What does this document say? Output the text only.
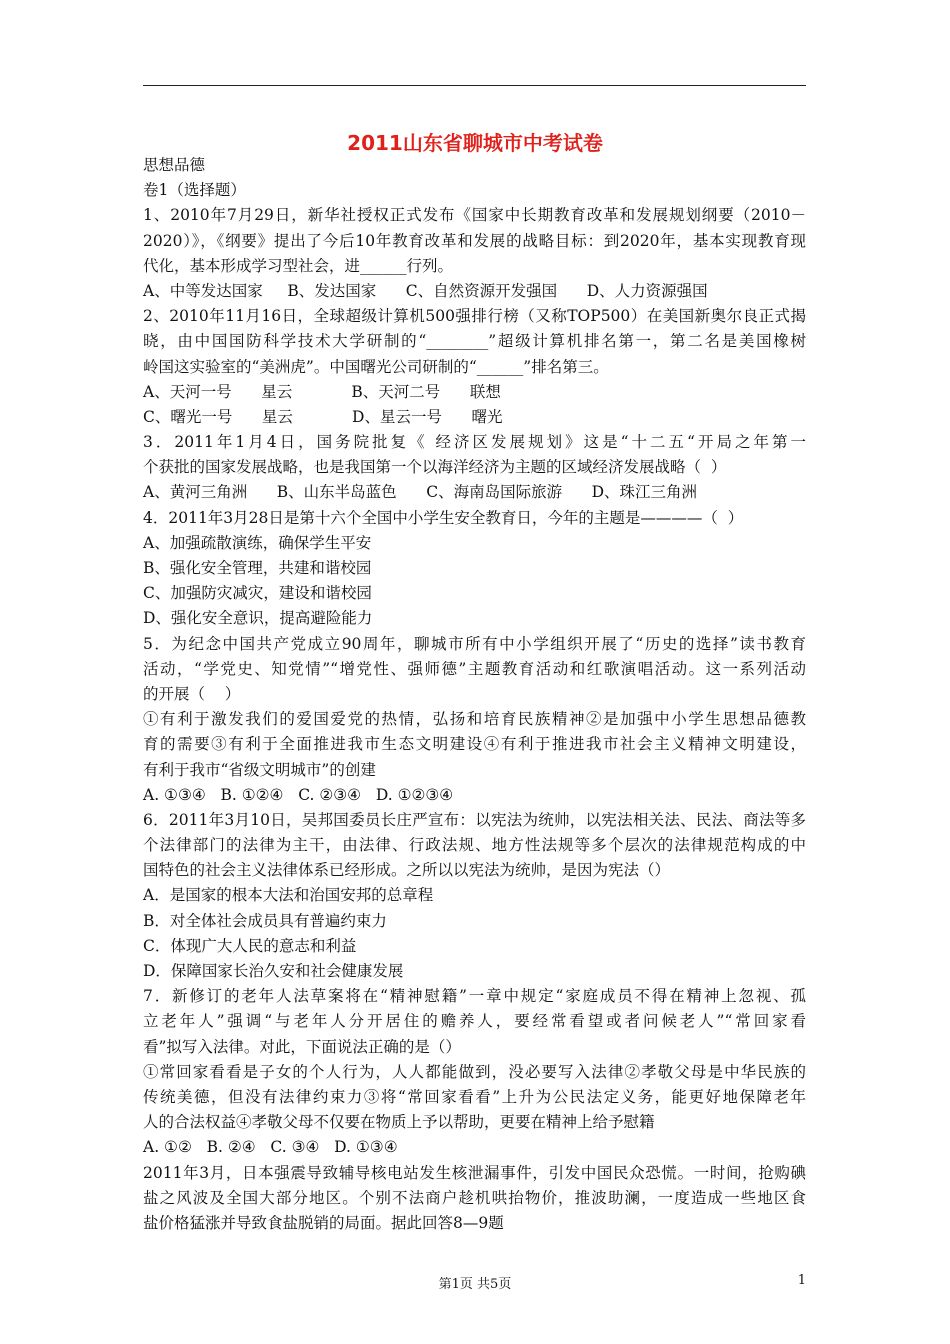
2011山东省聊城市中考试卷
思想品德
卷1（选择题）
1、2010年7月29日，新华社授权正式发布《国家中长期教育改革和发展规划纲要（2010－
2020）》，《纲要》提出了今后10年教育改革和发展的战略目标：到2020年，基本实现教育现
代化，基本形成学习型社会，进______行列。
A、中等发达国家     B、发达国家      C、自然资源开发强国      D、人力资源强国
2、2010年11月16日，全球超级计算机500强排行榜（又称TOP500）在美国新奥尔良正式揭
晓，由中国国防科学技术大学研制的“________”超级计算机排名第一，第二名是美国橡树
岭国这实验室的“美洲虎”。中国曙光公司研制的“______”排名第三。
A、天河一号      星云            B、天河二号      联想
C、曙光一号      星云            D、星云一号      曙光
3．2011年1月4日，国务院批复《 经济区发展规划》这是“十二五“开局之年第一
个获批的国家发展战略，也是我国第一个以海洋经济为主题的区域经济发展战略（  ）
A、黄河三角洲      B、山东半岛蓝色      C、海南岛国际旅游      D、珠江三角洲
4．2011年3月28日是第十六个全国中小学生安全教育日，今年的主题是————（  ）
A、加强疏散演练，确保学生平安
B、强化安全管理，共建和谐校园
C、加强防灾减灾，建设和谐校园
D、强化安全意识，提高避险能力
5．为纪念中国共产党成立90周年，聊城市所有中小学组织开展了“历史的选择”读书教育
活动，“学党史、知党情”“增党性、强师德”主题教育活动和红歌演唱活动。这一系列活动
的开展（    ）
①有利于激发我们的爱国爱党的热情，弘扬和培育民族精神②是加强中小学生思想品德教
育的需要③有利于全面推进我市生态文明建设④有利于推进我市社会主义精神文明建设，
有利于我市“省级文明城市”的创建
A. ①③④   B. ①②④   C. ②③④   D. ①②③④
6．2011年3月10日，吴邦国委员长庄严宣布：以宪法为统帅，以宪法相关法、民法、商法等多
个法律部门的法律为主干，由法律、行政法规、地方性法规等多个层次的法律规范构成的中
国特色的社会主义法律体系已经形成。之所以以宪法为统帅，是因为宪法（）
A．是国家的根本大法和治国安邦的总章程
B．对全体社会成员具有普遍约束力
C．体现广大人民的意志和利益
D．保障国家长治久安和社会健康发展
7．新修订的老年人法草案将在“精神慰籍”一章中规定“家庭成员不得在精神上忽视、孤
立老年人”强调“与老年人分开居住的赡养人，要经常看望或者问候老人”“常回家看
看”拟写入法律。对此，下面说法正确的是（）
①常回家看看是子女的个人行为，人人都能做到，没必要写入法律②孝敬父母是中华民族的
传统美德，但没有法律约束力③将“常回家看看”上升为公民法定义务，能更好地保障老年
人的合法权益④孝敬父母不仅要在物质上予以帮助，更要在精神上给予慰籍
A. ①②   B. ②④   C. ③④   D. ①③④
2011年3月，日本强震导致辅导核电站发生核泄漏事件，引发中国民众恐慌。一时间，抢购碘
盐之风波及全国大部分地区。个别不法商户趁机哄抬物价，推波助澜，一度造成一些地区食
盐价格猛涨并导致食盐脱销的局面。据此回答8—9题
第1页 共5页	1
